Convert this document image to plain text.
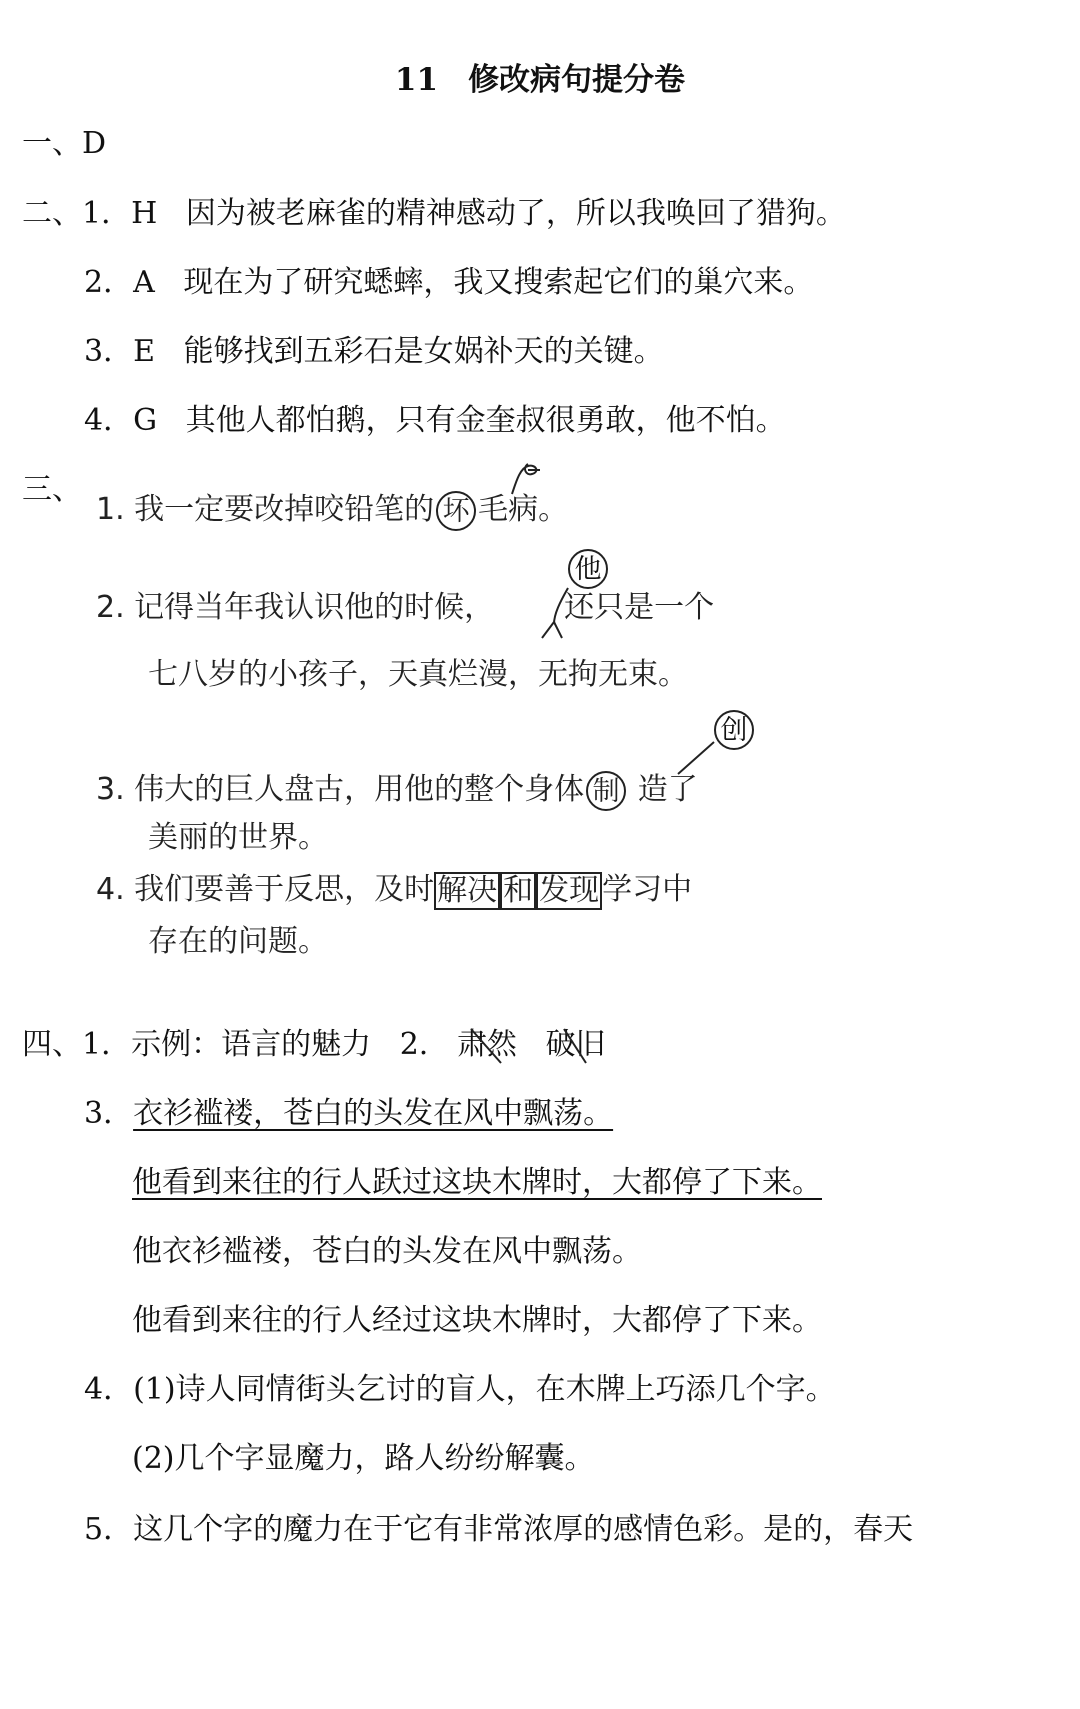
11 修改病句提分卷
一、D
二、1．H 因为被老麻雀的精神感动了，所以我唤回了猎狗。
2．A 现在为了研究蟋蟀，我又搜索起它们的巢穴来。
3．E 能够找到五彩石是女娲补天的关键。
4．G 其他人都怕鹅，只有金奎叔很勇敢，他不怕。
三、
1. 我一定要改掉咬铅笔的 坏 毛病。
2. 记得当年我认识他的时候， 还只是一个
他
七八岁的小孩子，天真烂漫，无拘无束。
创
3. 伟大的巨人盘古，用他的整个身体 制 造了
美丽的世界。
4. 我们要善于反思，及时 解决 和 发现 学习中
存在的问题。
四、1．示例：语言的魅力 2. 肃然 破旧
3．衣衫褴褛，苍白的头发在风中飘荡。
他看到来往的行人跃过这块木牌时，大都停了下来。
他衣衫褴褛，苍白的头发在风中飘荡。
他看到来往的行人经过这块木牌时，大都停了下来。
4．(1)诗人同情街头乞讨的盲人，在木牌上巧添几个字。
(2)几个字显魔力，路人纷纷解囊。
5．这几个字的魔力在于它有非常浓厚的感情色彩。是的，春天
